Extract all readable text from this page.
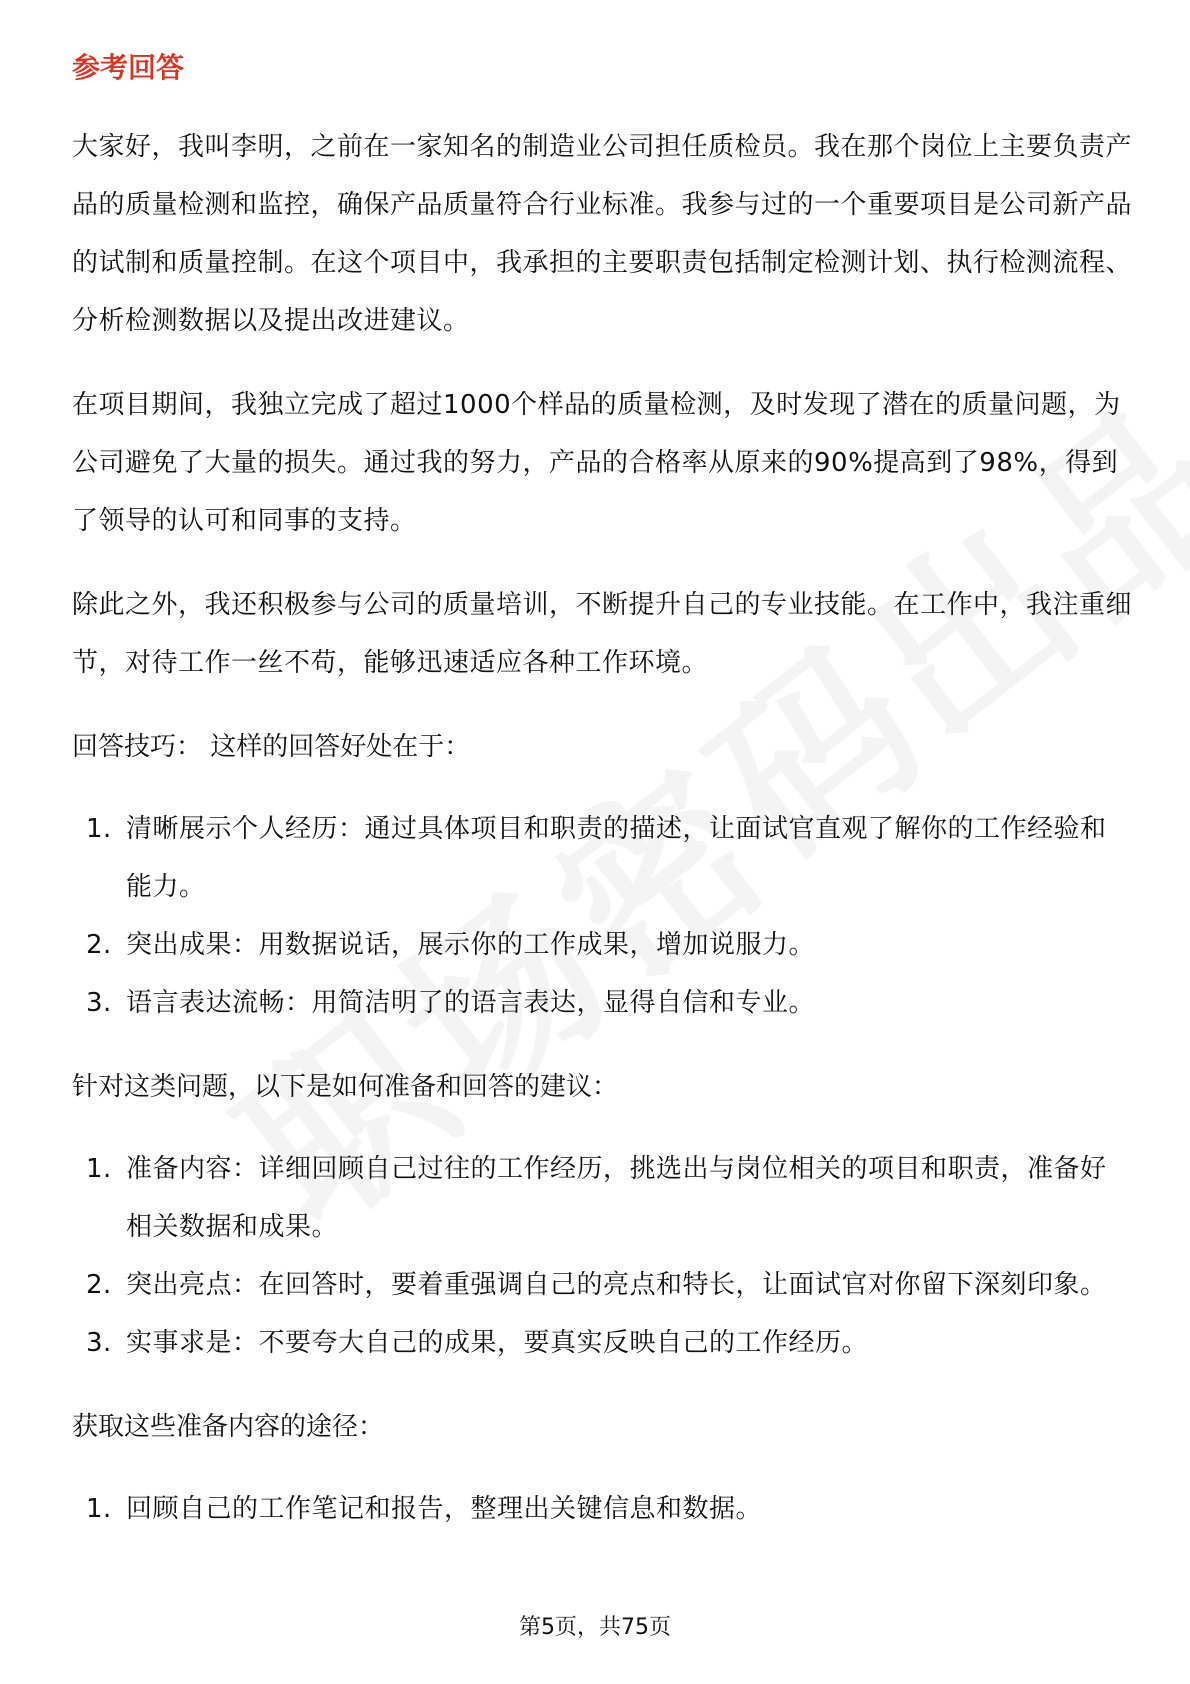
参考回答

大家好，我叫李明，之前在一家知名的制造业公司担任质检员。我在那个岗位上主要负责产品的质量检测和监控，确保产品质量符合行业标准。我参与过的一个重要项目是公司新产品的试制和质量控制。在这个项目中，我承担的主要职责包括制定检测计划、执行检测流程、分析检测数据以及提出改进建议。

在项目期间，我独立完成了超过1000个样品的质量检测，及时发现了潜在的质量问题，为公司避免了大量的损失。通过我的努力，产品的合格率从原来的90%提高到了98%，得到了领导的认可和同事的支持。

除此之外，我还积极参与公司的质量培训，不断提升自己的专业技能。在工作中，我注重细节，对待工作一丝不苟，能够迅速适应各种工作环境。

回答技巧： 这样的回答好处在于：
1. 清晰展示个人经历：通过具体项目和职责的描述，让面试官直观了解你的工作经验和能力。
2. 突出成果：用数据说话，展示你的工作成果，增加说服力。
3. 语言表达流畅：用简洁明了的语言表达，显得自信和专业。
针对这类问题，以下是如何准备和回答的建议：
1. 准备内容：详细回顾自己过往的工作经历，挑选出与岗位相关的项目和职责，准备好相关数据和成果。
2. 突出亮点：在回答时，要着重强调自己的亮点和特长，让面试官对你留下深刻印象。
3. 实事求是：不要夸大自己的成果，要真实反映自己的工作经历。
获取这些准备内容的途径：
1. 回顾自己的工作笔记和报告，整理出关键信息和数据。
第5页，共75页
